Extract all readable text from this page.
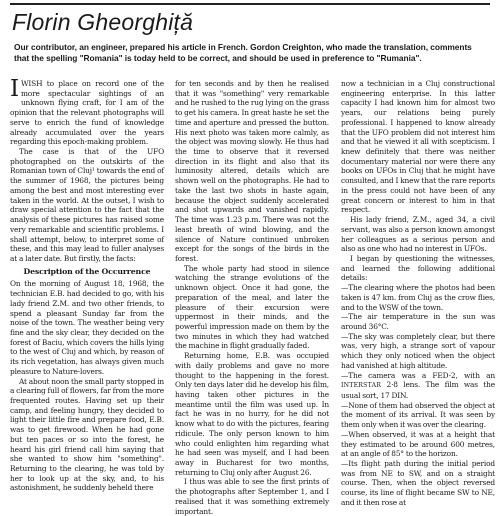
Florin Gheorghiță
Our contributor, an engineer, prepared his article in French. Gordon Creighton, who made the translation, comments that the spelling "Romania" is today held to be correct, and should be used in preference to "Rumania".

IWISH to place on record one of the more spectacular sightings of an unknown flying craft, for I am of the opinion that the relevant photographs will serve to enrich the fund of knowledge already accumulated over the years regarding this epoch-making problem.

The case is that of the UFO photographed on the outskirts of the Romanian town of Cluj¹ towards the end of the summer of 1968, the pictures being among the best and most interesting ever taken in the world. At the outset, I wish to draw special attention to the fact that the analysis of these pictures has raised some very remarkable and scientific problems. I shall attempt, below, to interpret some of these, and this may lead to fuller analyses at a later date. But firstly, the facts:

Description of the Occurrence

On the morning of August 18, 1968, the technician E.B. had decided to go, with his lady friend Z.M. and two other friends, to spend a pleasant Sunday far from the noise of the town. The weather being very fine and the sky clear, they decided on the forest of Baciu, which covers the hills lying to the west of Cluj and which, by reason of its rich vegetation, has always given much pleasure to Nature-lovers.

At about noon the small party stopped in a clearing full of flowers, far from the more frequented routes. Having set up their camp, and feeling hungry, they decided to light their little fire and prepare food, E.B. was to get firewood. When he had gone but ten paces or so into the forest, he heard his girl friend call him saying that she wanted to show him "something". Returning to the clearing, he was told by her to look up at the sky, and, to his astonishment, he suddenly beheld there

for ten seconds and by then he realised that it was "something" very remarkable and he rushed to the rug lying on the grass to get his camera. In great haste he set the time and aperture and pressed the button. His next photo was taken more calmly, as the object was moving slowly. He thus had the time to observe that it reversed direction in its flight and also that its luminosity altered, details which are shown well on the photographs. He had to take the last two shots in haste again, because the object suddenly accelerated and shot upwards and vanished rapidly. The time was 1.23 p.m. There was not the least breath of wind blowing, and the silence of Nature continued unbroken except for the songs of the birds in the forest.

The whole party had stood in silence watching the strange evolutions of the unknown object. Once it had gone, the preparation of the meal, and later the pleasure of their excursion were uppermost in their minds, and the powerful impression made on them by the two minutes in which they had watched the machine in flight gradually faded.

Returning home, E.B. was occupied with daily problems and gave no more thought to the happening in the forest. Only ten days later did he develop his film, having taken other pictures in the meantime until the film was used up. In fact he was in no hurry, for he did not know what to do with the pictures, fearing ridicule. The only person known to him who could enlighten him regarding what he had seen was myself, and I had been away in Bucharest for two months, returning to Cluj only after August 26.

I thus was able to see the first prints of the photographs after September 1, and I realised that it was something extremely important.

now a technician in a Cluj constructional engineering enterprise. In this latter capacity I had known him for almost two years, our relations being purely professional. I happened to know already that the UFO problem did not interest him and that he viewed it all with scepticism. I knew definitely that there was neither documentary material nor were there any books on UFOs in Cluj that he might have consulted, and I knew that the rare reports in the press could not have been of any great concern or interest to him in that respect.

His lady friend, Z.M., aged 34, a civil servant, was also a person known amongst her colleagues as a serious person and also as one who had no interest in UFOs.

I began by questioning the witnesses, and learned the following additional details:

—The clearing where the photos had been taken is 47 km. from Cluj as the crow flies, and to the WSW of the town.

—The air temperature in the sun was around 36°C.

—The sky was completely clear, but there was, very high, a strange sort of vapour which they only noticed when the object had vanished at high altitude.

—The camera was a FED-2, with an INTERSTAR 2·8 lens. The film was the usual sort, 17 DIN.

—None of them had observed the object at the moment of its arrival. It was seen by them only when it was over the clearing.

—When observed, it was at a height that they estimated to be around 600 metres, at an angle of 85° to the horizon.

—Its flight path during the initial period was from NE to SW, and on a straight course. Then, when the object reversed course, its line of flight became SW to NE, and it then rose at
